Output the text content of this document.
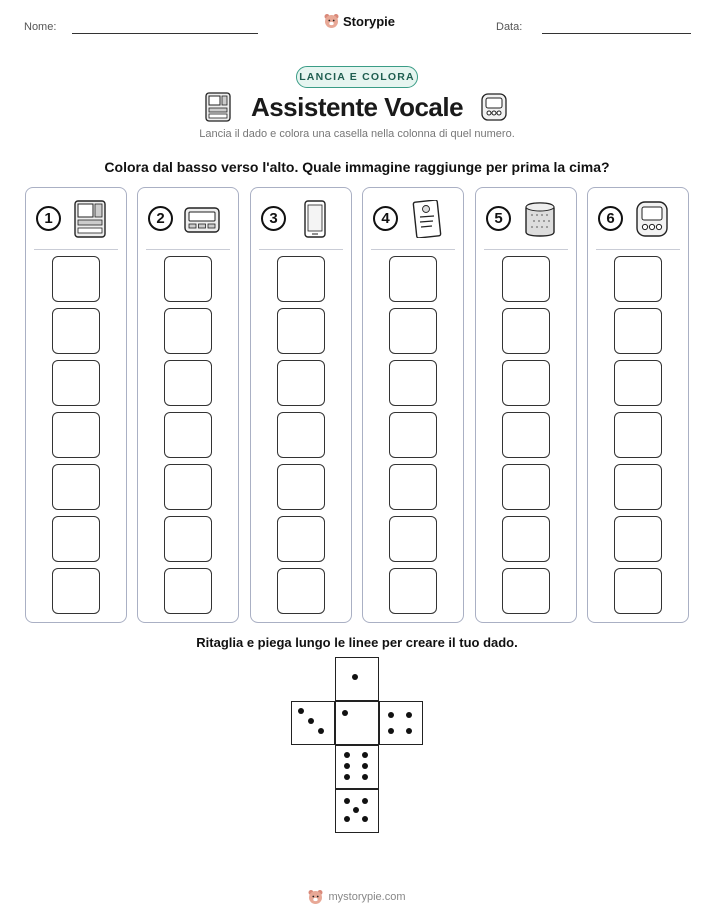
Nome:	Storypie	Data:
LANCIA E COLORA
Assistente Vocale
Lancia il dado e colora una casella nella colonna di quel numero.
Colora dal basso verso l'alto. Quale immagine raggiunge per prima la cima?
1	2	3	4	5	6
Ritaglia e piega lungo le linee per creare il tuo dado.
mystorypie.com
